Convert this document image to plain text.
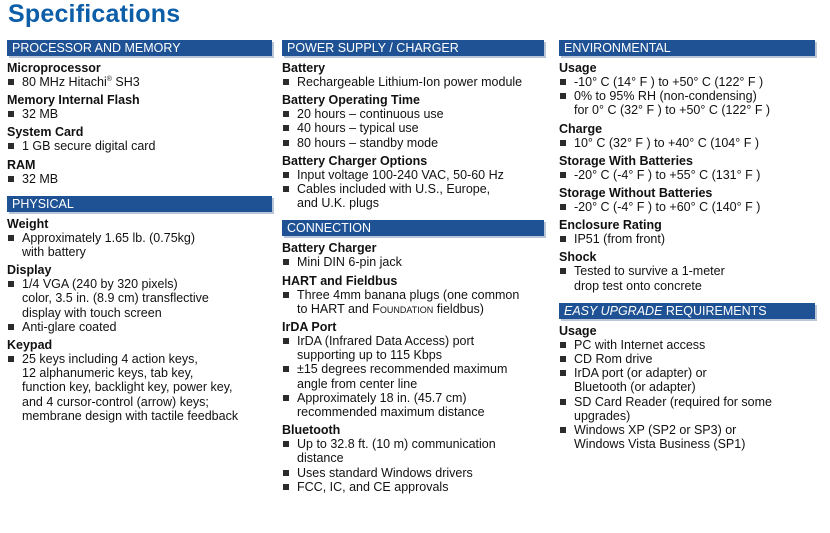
Specifications
PROCESSOR AND MEMORY
Microprocessor
80 MHz Hitachi® SH3
Memory Internal Flash
32 MB
System Card
1 GB secure digital card
RAM
32 MB
PHYSICAL
Weight
Approximately 1.65 lb. (0.75kg)
with battery
Display
1/4 VGA (240 by 320 pixels)
color, 3.5 in. (8.9 cm) transflective
display with touch screen
Anti-glare coated
Keypad
25 keys including 4 action keys,
12 alphanumeric keys, tab key,
function key, backlight key, power key,
and 4 cursor-control (arrow) keys;
membrane design with tactile feedback
POWER SUPPLY / CHARGER
Battery
Rechargeable Lithium-Ion power module
Battery Operating Time
20 hours – continuous use
40 hours – typical use
80 hours – standby mode
Battery Charger Options
Input voltage 100-240 VAC, 50-60 Hz
Cables included with U.S., Europe,
and U.K. plugs
CONNECTION
Battery Charger
Mini DIN 6-pin jack
HART and Fieldbus
Three 4mm banana plugs (one common
to HART and Foundation fieldbus)
IrDA Port
IrDA (Infrared Data Access) port
supporting up to 115 Kbps
±15 degrees recommended maximum
angle from center line
Approximately 18 in. (45.7 cm)
recommended maximum distance
Bluetooth
Up to 32.8 ft. (10 m) communication
distance
Uses standard Windows drivers
FCC, IC, and CE approvals
ENVIRONMENTAL
Usage
-10° C (14° F ) to +50° C (122° F )
0% to 95% RH (non-condensing)
for 0° C (32° F ) to +50° C (122° F )
Charge
10° C (32° F ) to +40° C (104° F )
Storage With Batteries
-20° C (-4° F ) to +55° C (131° F )
Storage Without Batteries
-20° C (-4° F ) to +60° C (140° F )
Enclosure Rating
IP51 (from front)
Shock
Tested to survive a 1-meter
drop test onto concrete
EASY UPGRADE REQUIREMENTS
Usage
PC with Internet access
CD Rom drive
IrDA port (or adapter) or
Bluetooth (or adapter)
SD Card Reader (required for some
upgrades)
Windows XP (SP2 or SP3) or
Windows Vista Business (SP1)
